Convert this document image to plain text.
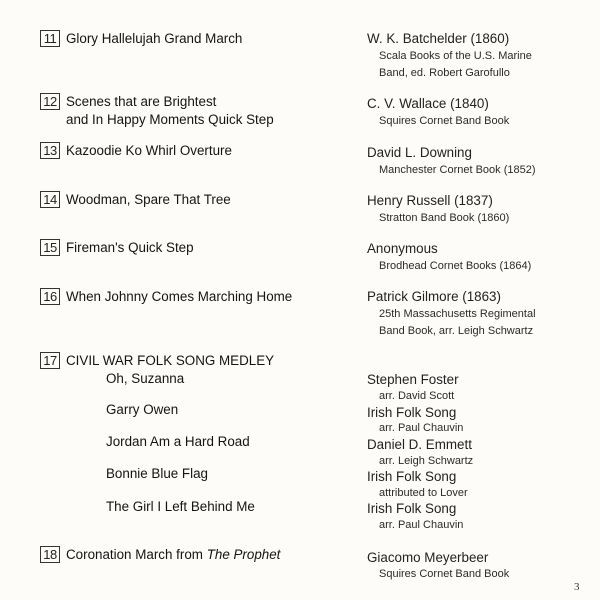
11 Glory Hallelujah Grand March	W. K. Batchelder (1860)
Scala Books of the U.S. Marine
Band, ed. Robert Garofullo
12 Scenes that are Brightest
and In Happy Moments Quick Step
C. V. Wallace (1840)
Squires Cornet Band Book
13 Kazoodie Ko Whirl Overture	David L. Downing
Manchester Cornet Book (1852)
14 Woodman, Spare That Tree	Henry Russell (1837)
Stratton Band Book (1860)
15 Fireman's Quick Step	Anonymous
Brodhead Cornet Books (1864)
16 When Johnny Comes Marching Home	Patrick Gilmore (1863)
25th Massachusetts Regimental
Band Book, arr. Leigh Schwartz
17 CIVIL WAR FOLK SONG MEDLEY
Oh, Suzanna	Stephen Foster
arr. David Scott
Garry Owen	Irish Folk Song
arr. Paul Chauvin
Jordan Am a Hard Road	Daniel D. Emmett
arr. Leigh Schwartz
Bonnie Blue Flag	Irish Folk Song
attributed to Lover
The Girl I Left Behind Me	Irish Folk Song
arr. Paul Chauvin
18 Coronation March from The Prophet	Giacomo Meyerbeer
Squires Cornet Band Book
3
